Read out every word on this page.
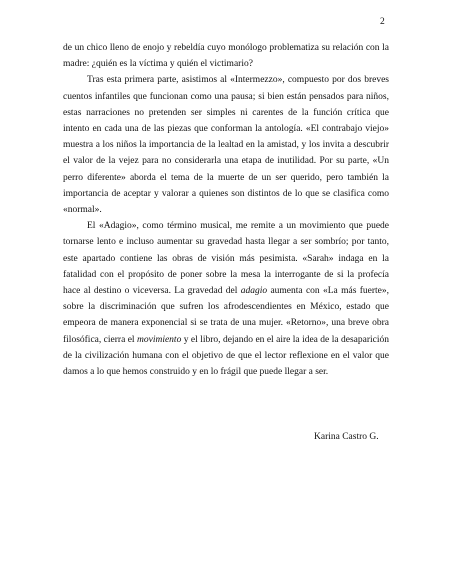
2

de un chico lleno de enojo y rebeldía cuyo monólogo problematiza su relación con la madre: ¿quién es la víctima y quién el victimario?

Tras esta primera parte, asistimos al «Intermezzo», compuesto por dos breves cuentos infantiles que funcionan como una pausa; si bien están pensados para niños, estas narraciones no pretenden ser simples ni carentes de la función crítica que intento en cada una de las piezas que conforman la antología. «El contrabajo viejo» muestra a los niños la importancia de la lealtad en la amistad, y los invita a descubrir el valor de la vejez para no considerarla una etapa de inutilidad. Por su parte, «Un perro diferente» aborda el tema de la muerte de un ser querido, pero también la importancia de aceptar y valorar a quienes son distintos de lo que se clasifica como «normal».

El «Adagio», como término musical, me remite a un movimiento que puede tornarse lento e incluso aumentar su gravedad hasta llegar a ser sombrío; por tanto, este apartado contiene las obras de visión más pesimista. «Sarah» indaga en la fatalidad con el propósito de poner sobre la mesa la interrogante de si la profecía hace al destino o viceversa. La gravedad del adagio aumenta con «La más fuerte», sobre la discriminación que sufren los afrodescendientes en México, estado que empeora de manera exponencial si se trata de una mujer. «Retorno», una breve obra filosófica, cierra el movimiento y el libro, dejando en el aire la idea de la desaparición de la civilización humana con el objetivo de que el lector reflexione en el valor que damos a lo que hemos construido y en lo frágil que puede llegar a ser.

Karina Castro G.
